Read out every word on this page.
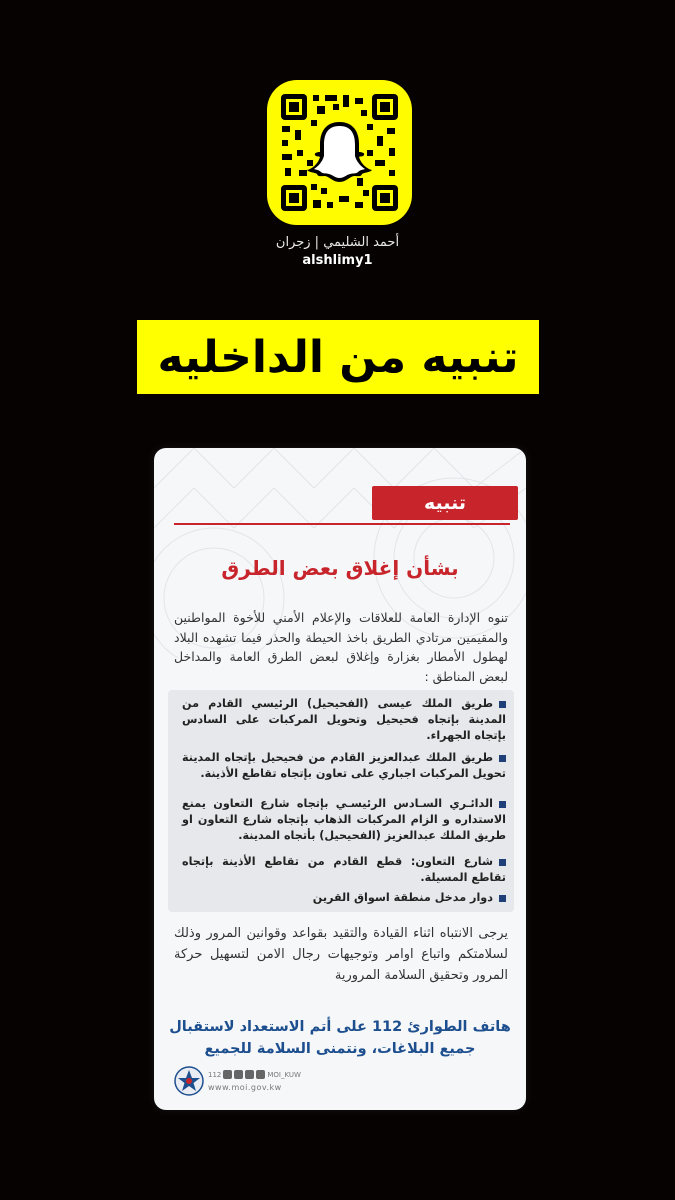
أحمد الشليمي | زجران
alshlimy1
تنبيه من الداخليه
تنبيه
بشأن إغلاق بعض الطرق
تنوه الإدارة العامة للعلاقات والإعلام الأمني للأخوة المواطنين والمقيمين مرتادي الطريق باخذ الحيطة والحذر فيما تشهده البلاد لهطول الأمطار بغزارة وإغلاق لبعض الطرق العامة والمداخل لبعض المناطق :
طريق الملك عيسى (الفحيحيل) الرئيسي القادم من المدينة بإتجاه فحيحيل وتحويل المركبات على السادس بإتجاه الجهراء.
طريق الملك عبدالعزيز القادم من فحيحيل بإتجاه المدينة تحويل المركبات اجباري على تعاون بإتجاه تقاطع الأذينة.
الدائـري السـادس الرئيسـي بإتجاه شارع التعاون يمنع الاستداره و الزام المركبات الذهاب بإتجاه شارع التعاون او طريق الملك عبدالعزيز (الفحيحيل) بأتجاه المدينة.
شارع التعاون: قطع القادم من تقاطع الأذينة بإتجاه تقاطع المسيلة.
دوار مدخل منطقة اسواق القرين
يرجى الانتباه اثناء القيادة والتقيد بقواعد وقوانين المرور وذلك لسلامتكم واتباع اوامر وتوجيهات رجال الامن لتسهيل حركة المرور وتحقيق السلامة المرورية
هاتف الطوارئ 112 على أتم الاستعداد لاستقبال جميع البلاغات، ونتمنى السلامة للجميع
112	MOI_KUW
www.moi.gov.kw
